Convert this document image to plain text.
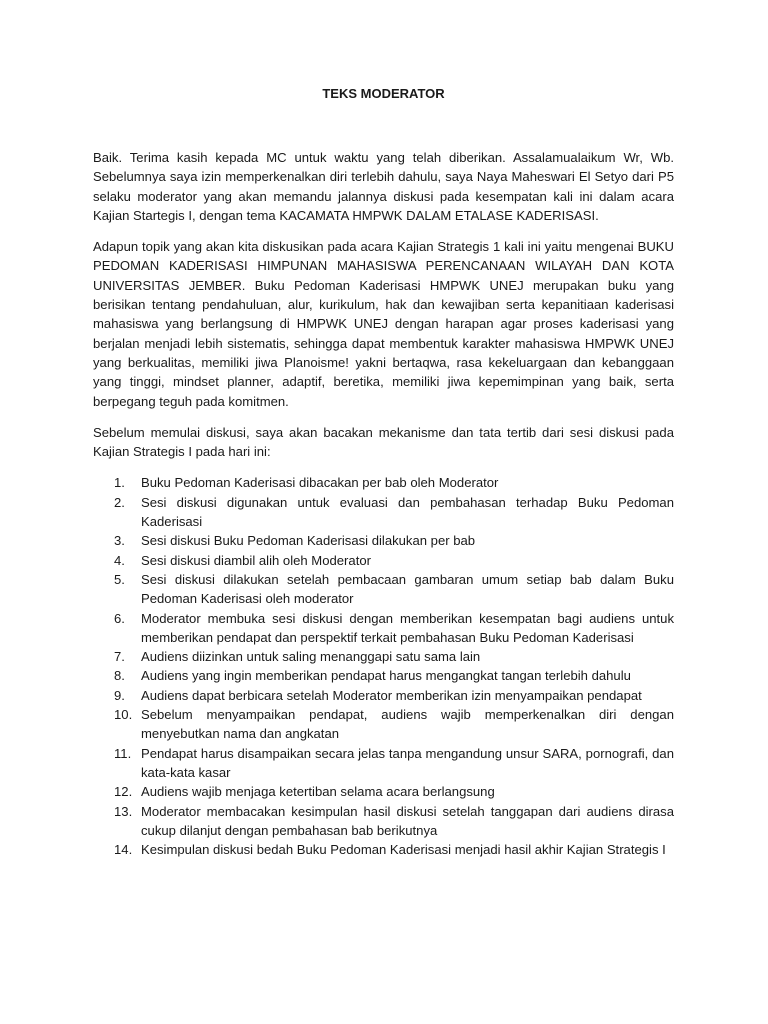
TEKS MODERATOR

Baik. Terima kasih kepada MC untuk waktu yang telah diberikan. Assalamualaikum Wr, Wb. Sebelumnya saya izin memperkenalkan diri terlebih dahulu, saya Naya Maheswari El Setyo dari P5 selaku moderator yang akan memandu jalannya diskusi pada kesempatan kali ini dalam acara Kajian Startegis I, dengan tema KACAMATA HMPWK DALAM ETALASE KADERISASI.

Adapun topik yang akan kita diskusikan pada acara Kajian Strategis 1 kali ini yaitu mengenai BUKU PEDOMAN KADERISASI HIMPUNAN MAHASISWA PERENCANAAN WILAYAH DAN KOTA UNIVERSITAS JEMBER. Buku Pedoman Kaderisasi HMPWK UNEJ merupakan buku yang berisikan tentang pendahuluan, alur, kurikulum, hak dan kewajiban serta kepanitiaan kaderisasi mahasiswa yang berlangsung di HMPWK UNEJ dengan harapan agar proses kaderisasi yang berjalan menjadi lebih sistematis, sehingga dapat membentuk karakter mahasiswa HMPWK UNEJ yang berkualitas, memiliki jiwa Planoisme! yakni bertaqwa, rasa kekeluargaan dan kebanggaan yang tinggi, mindset planner, adaptif, beretika, memiliki jiwa kepemimpinan yang baik, serta berpegang teguh pada komitmen.

Sebelum memulai diskusi, saya akan bacakan mekanisme dan tata tertib dari sesi diskusi pada Kajian Strategis I pada hari ini:

1.	Buku Pedoman Kaderisasi dibacakan per bab oleh Moderator
2.	Sesi diskusi digunakan untuk evaluasi dan pembahasan terhadap Buku Pedoman Kaderisasi
3.	Sesi diskusi Buku Pedoman Kaderisasi dilakukan per bab
4.	Sesi diskusi diambil alih oleh Moderator
5.	Sesi diskusi dilakukan setelah pembacaan gambaran umum setiap bab dalam Buku Pedoman Kaderisasi oleh moderator
6.	Moderator membuka sesi diskusi dengan memberikan kesempatan bagi audiens untuk memberikan pendapat dan perspektif terkait pembahasan Buku Pedoman Kaderisasi
7.	Audiens diizinkan untuk saling menanggapi satu sama lain
8.	Audiens yang ingin memberikan pendapat harus mengangkat tangan terlebih dahulu
9.	Audiens dapat berbicara setelah Moderator memberikan izin menyampaikan pendapat
10. Sebelum menyampaikan pendapat, audiens wajib memperkenalkan diri dengan menyebutkan nama dan angkatan
11. Pendapat harus disampaikan secara jelas tanpa mengandung unsur SARA, pornografi, dan kata-kata kasar
12. Audiens wajib menjaga ketertiban selama acara berlangsung
13. Moderator membacakan kesimpulan hasil diskusi setelah tanggapan dari audiens dirasa cukup dilanjut dengan pembahasan bab berikutnya
14. Kesimpulan diskusi bedah Buku Pedoman Kaderisasi menjadi hasil akhir Kajian Strategis I
